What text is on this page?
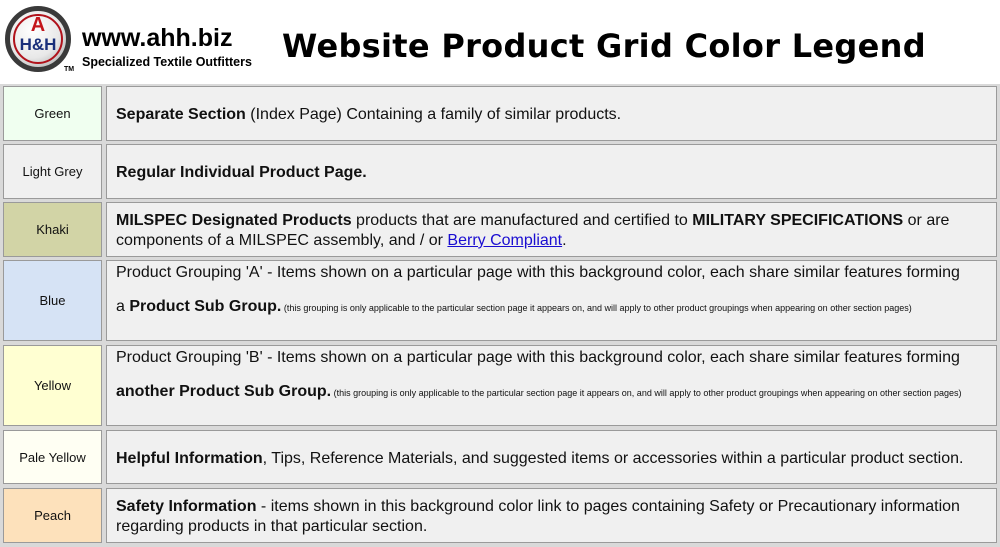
A
H&H
TM
www.ahh.biz
Specialized Textile Outfitters Website Product Grid Color Legend
Green	Separate Section (Index Page) Containing a family of similar products.
Light Grey Regular Individual Product Page.
Khaki
MILSPEC Designated Products products that are manufactured and certified to MILITARY SPECIFICATIONS or are components of a MILSPEC assembly, and / or Berry Compliant.
Blue
Product Grouping 'A' - Items shown on a particular page with this background color, each share similar features forming
a Product Sub Group. (this grouping is only applicable to the particular section page it appears on, and will apply to other product groupings when appearing on other section pages)
Yellow
Product Grouping 'B' - Items shown on a particular page with this background color, each share similar features forming
another Product Sub Group. (this grouping is only applicable to the particular section page it appears on, and will apply to other product groupings when appearing on other section pages)
Pale Yellow Helpful Information, Tips, Reference Materials, and suggested items or accessories within a particular product section.
Peach
Safety Information - items shown in this background color link to pages containing Safety or Precautionary information regarding products in that particular section.
